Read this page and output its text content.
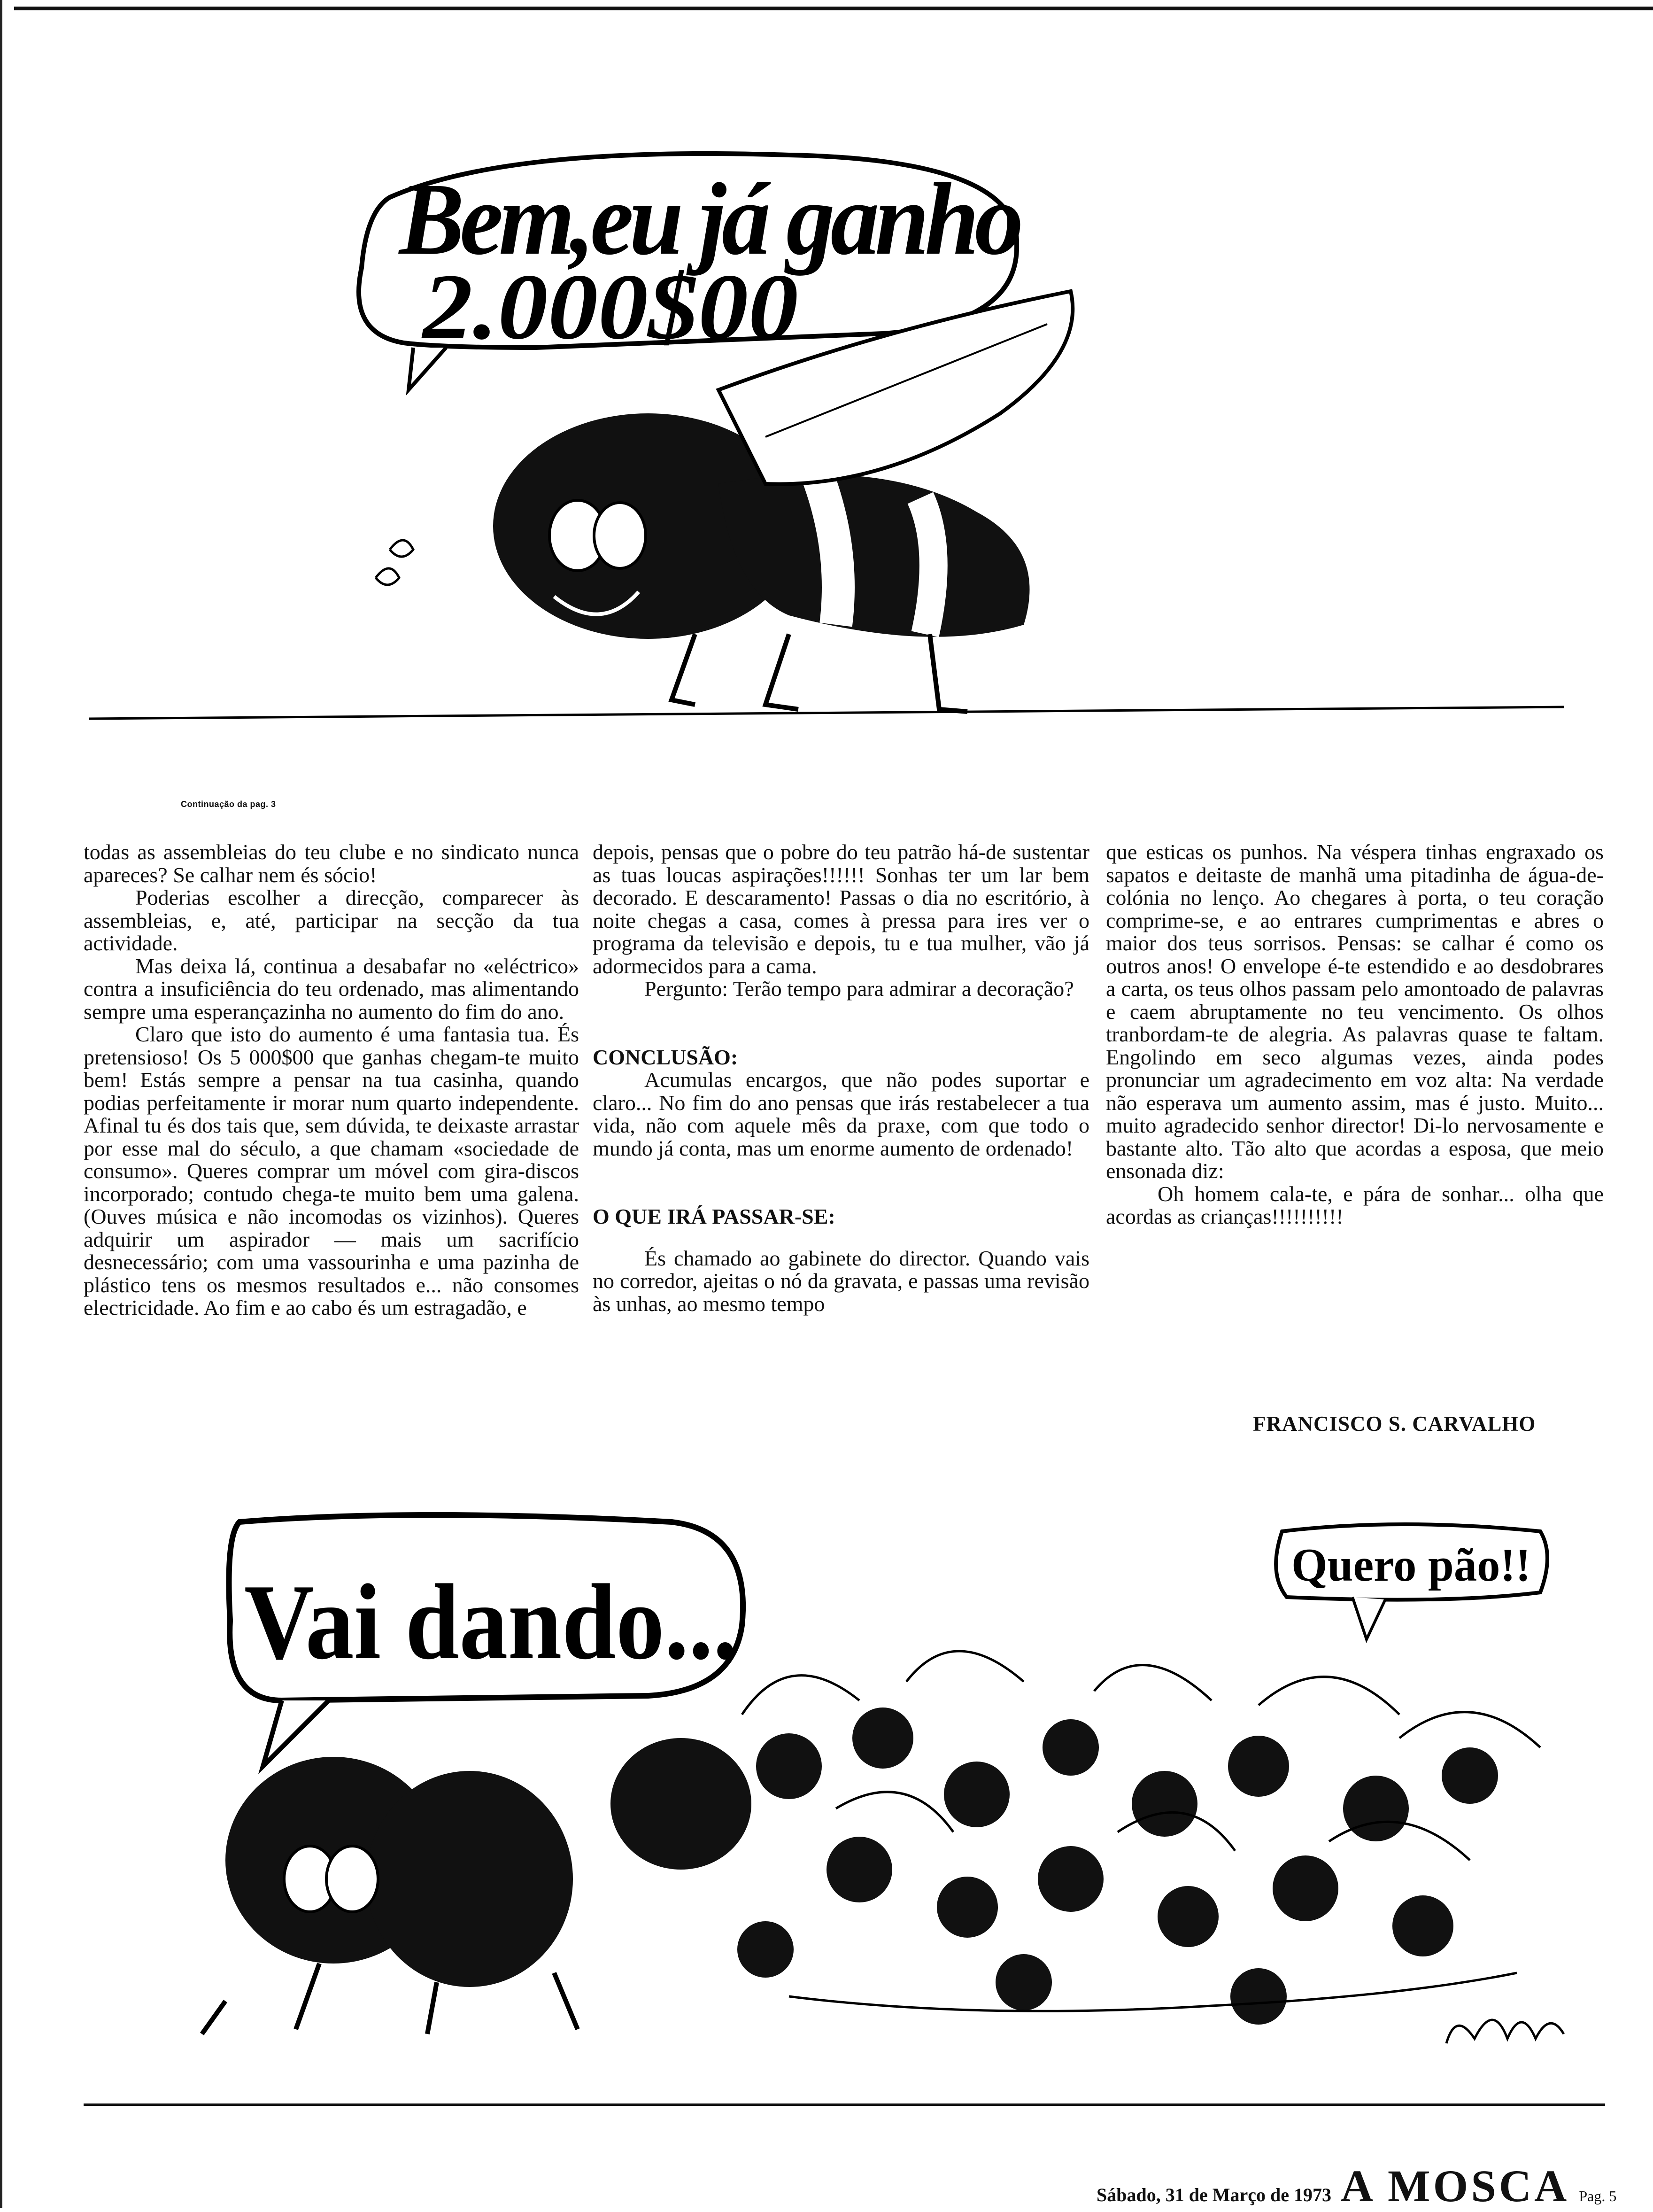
Bem,eu já ganho
2.000$00
Continuação da pag. 3

todas as assembleias do teu clube e no sindicato nunca apareces? Se calhar nem és sócio!

Poderias escolher a direcção, comparecer às assembleias, e, até, participar na secção da tua actividade.

Mas deixa lá, continua a desabafar no «eléctrico» contra a insuficiência do teu ordenado, mas alimentando sempre uma esperançazinha no aumento do fim do ano.

Claro que isto do aumento é uma fantasia tua. És pretensioso! Os 5 000$00 que ganhas chegam-te muito bem! Estás sempre a pensar na tua casinha, quando podias perfeitamente ir morar num quarto independente. Afinal tu és dos tais que, sem dúvida, te deixaste arrastar por esse mal do século, a que chamam «sociedade de consumo». Queres comprar um móvel com gira-discos incorporado; contudo chega-te muito bem uma galena. (Ouves música e não incomodas os vizinhos). Queres adquirir um aspirador — mais um sacrifício desnecessário; com uma vassourinha e uma pazinha de plástico tens os mesmos resultados e... não consomes electricidade. Ao fim e ao cabo és um estragadão, e

depois, pensas que o pobre do teu patrão há-de sustentar as tuas loucas aspirações!!!!!! Sonhas ter um lar bem decorado. E descaramento! Passas o dia no escritório, à noite chegas a casa, comes à pressa para ires ver o programa da televisão e depois, tu e tua mulher, vão já adormecidos para a cama.

Pergunto: Terão tempo para admirar a decoração?

CONCLUSÃO:

Acumulas encargos, que não podes suportar e claro... No fim do ano pensas que irás restabelecer a tua vida, não com aquele mês da praxe, com que todo o mundo já conta, mas um enorme aumento de ordenado!

O QUE IRÁ PASSAR-SE:

És chamado ao gabinete do director. Quando vais no corredor, ajeitas o nó da gravata, e passas uma revisão às unhas, ao mesmo tempo

que esticas os punhos. Na véspera tinhas engraxado os sapatos e deitaste de manhã uma pitadinha de água-de-colónia no lenço. Ao chegares à porta, o teu coração comprime-se, e ao entrares cumprimentas e abres o maior dos teus sorrisos. Pensas: se calhar é como os outros anos! O envelope é-te estendido e ao desdobrares a carta, os teus olhos passam pelo amontoado de palavras e caem abruptamente no teu vencimento. Os olhos tranbordam-te de alegria. As palavras quase te faltam. Engolindo em seco algumas vezes, ainda podes pronunciar um agradecimento em voz alta: Na verdade não esperava um aumento assim, mas é justo. Muito... muito agradecido senhor director! Di-lo nervosamente e bastante alto. Tão alto que acordas a esposa, que meio ensonada diz:

Oh homem cala-te, e pára de sonhar... olha que acordas as crianças!!!!!!!!!!

FRANCISCO S. CARVALHO
Vai dando...	Quero pão!!
Sábado, 31 de Março de 1973 A MOSCA Pag. 5
